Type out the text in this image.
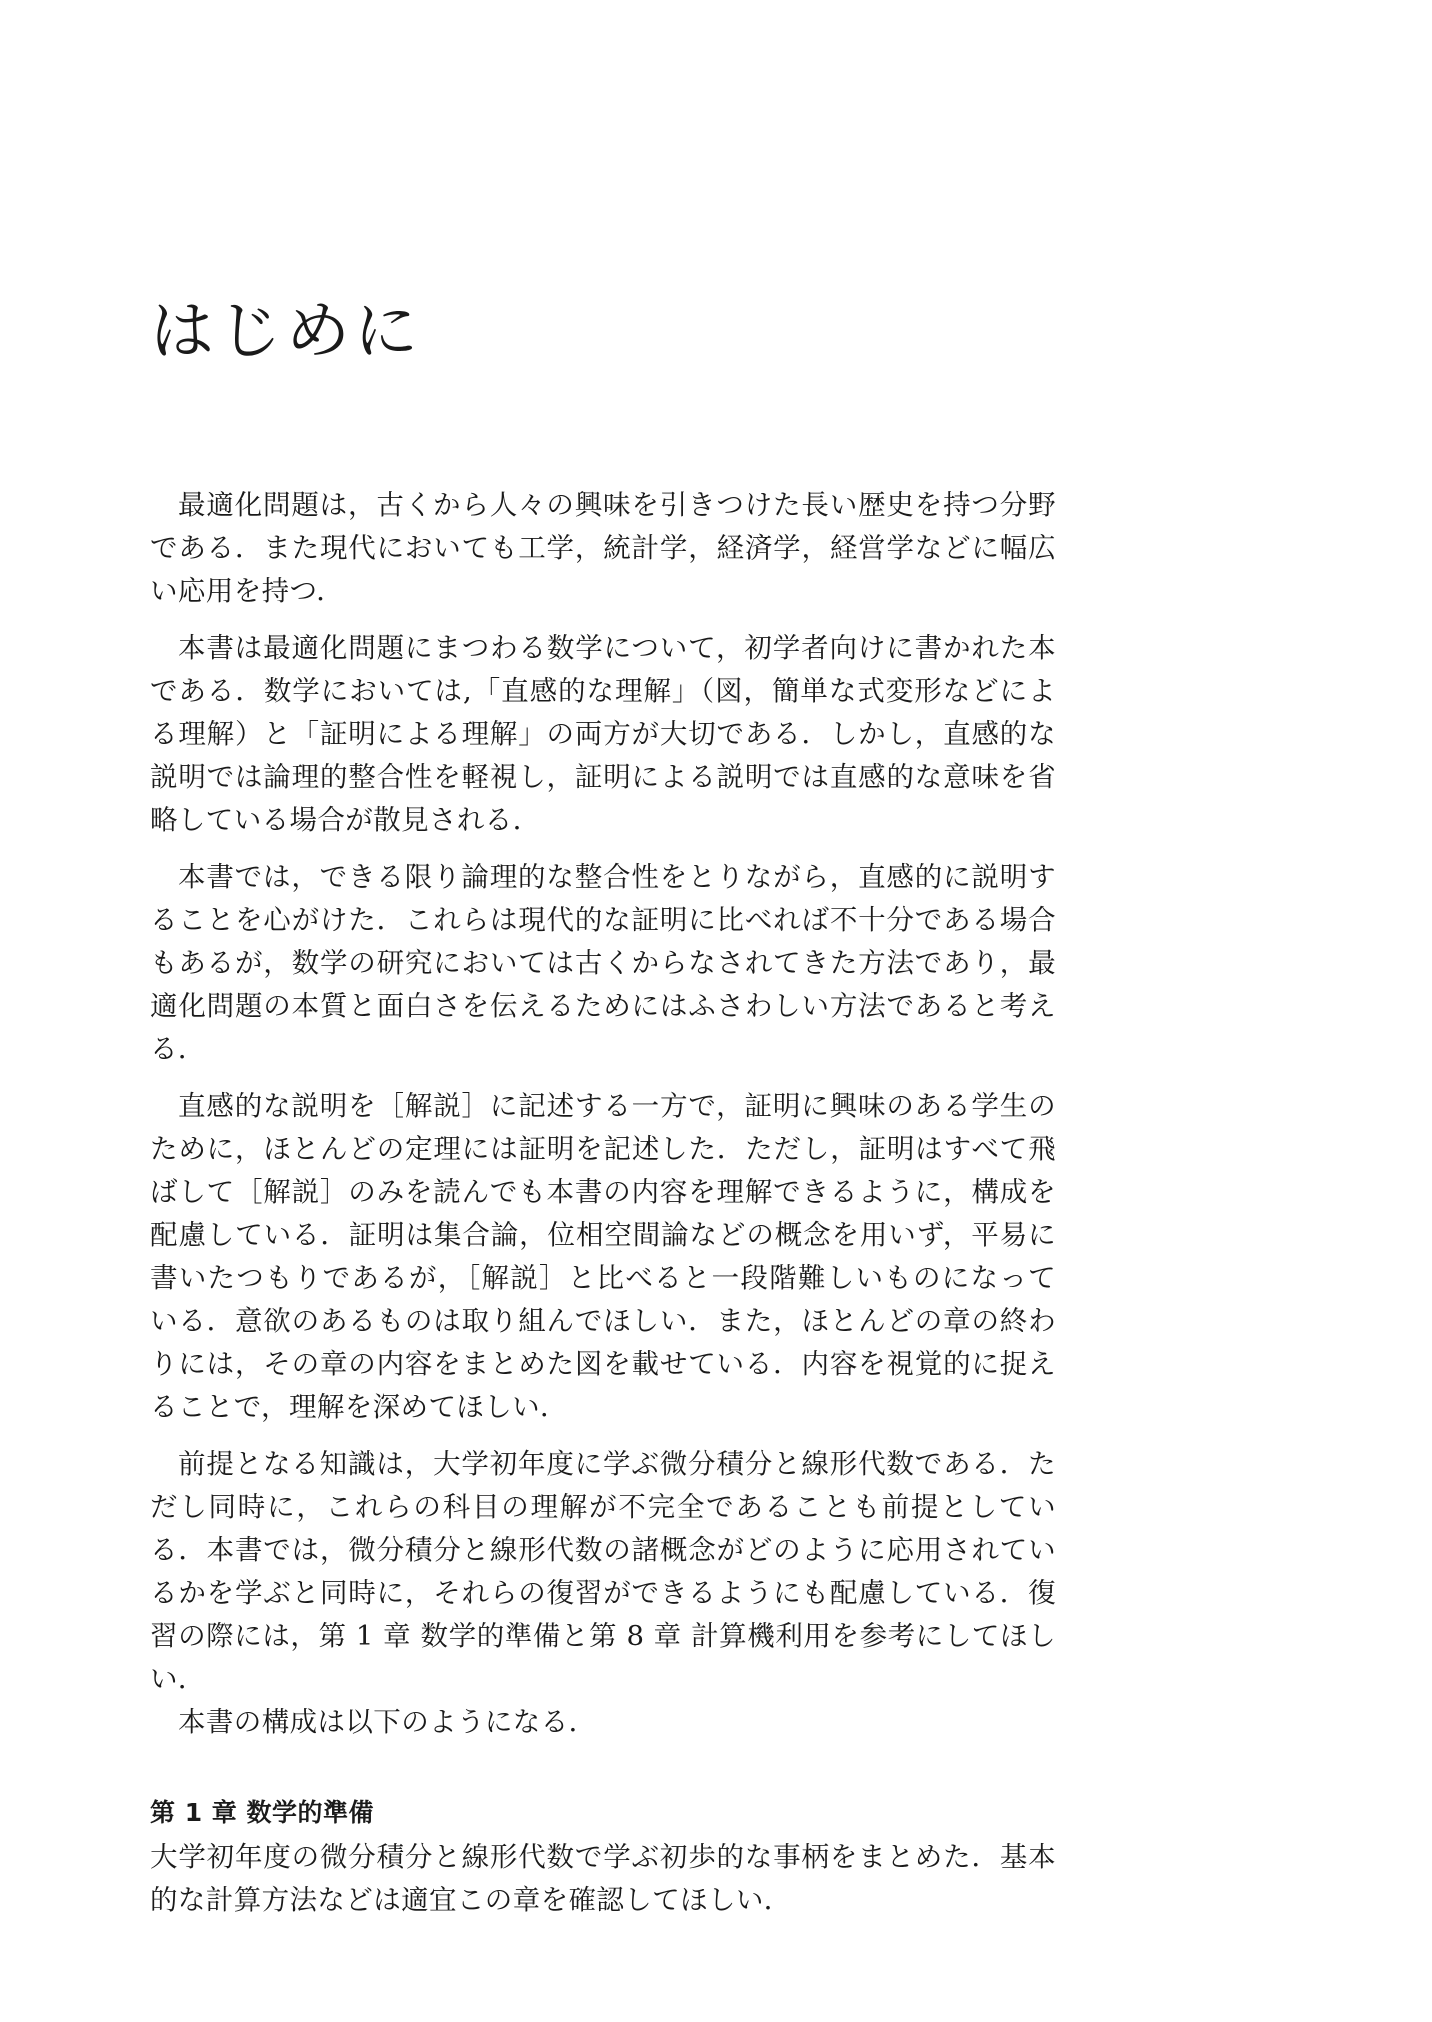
はじめに

最適化問題は，古くから人々の興味を引きつけた長い歴史を持つ分野である．また現代においても工学，統計学，経済学，経営学などに幅広い応用を持つ．

本書は最適化問題にまつわる数学について，初学者向けに書かれた本である．数学においては,「直感的な理解」（図，簡単な式変形などによる理解）と「証明による理解」の両方が大切である．しかし，直感的な説明では論理的整合性を軽視し，証明による説明では直感的な意味を省略している場合が散見される．

本書では，できる限り論理的な整合性をとりながら，直感的に説明することを心がけた．これらは現代的な証明に比べれば不十分である場合もあるが，数学の研究においては古くからなされてきた方法であり，最適化問題の本質と面白さを伝えるためにはふさわしい方法であると考える．

直感的な説明を［解説］に記述する一方で，証明に興味のある学生のために，ほとんどの定理には証明を記述した．ただし，証明はすべて飛ばして［解説］のみを読んでも本書の内容を理解できるように，構成を配慮している．証明は集合論，位相空間論などの概念を用いず，平易に書いたつもりであるが，［解説］と比べると一段階難しいものになっている．意欲のあるものは取り組んでほしい．また，ほとんどの章の終わりには，その章の内容をまとめた図を載せている．内容を視覚的に捉えることで，理解を深めてほしい．

前提となる知識は，大学初年度に学ぶ微分積分と線形代数である．ただし同時に，これらの科目の理解が不完全であることも前提としている．本書では，微分積分と線形代数の諸概念がどのように応用されているかを学ぶと同時に，それらの復習ができるようにも配慮している．復習の際には，第 1 章 数学的準備と第 8 章 計算機利用を参考にしてほしい．

本書の構成は以下のようになる．

第 1 章 数学的準備

大学初年度の微分積分と線形代数で学ぶ初歩的な事柄をまとめた．基本的な計算方法などは適宜この章を確認してほしい．
